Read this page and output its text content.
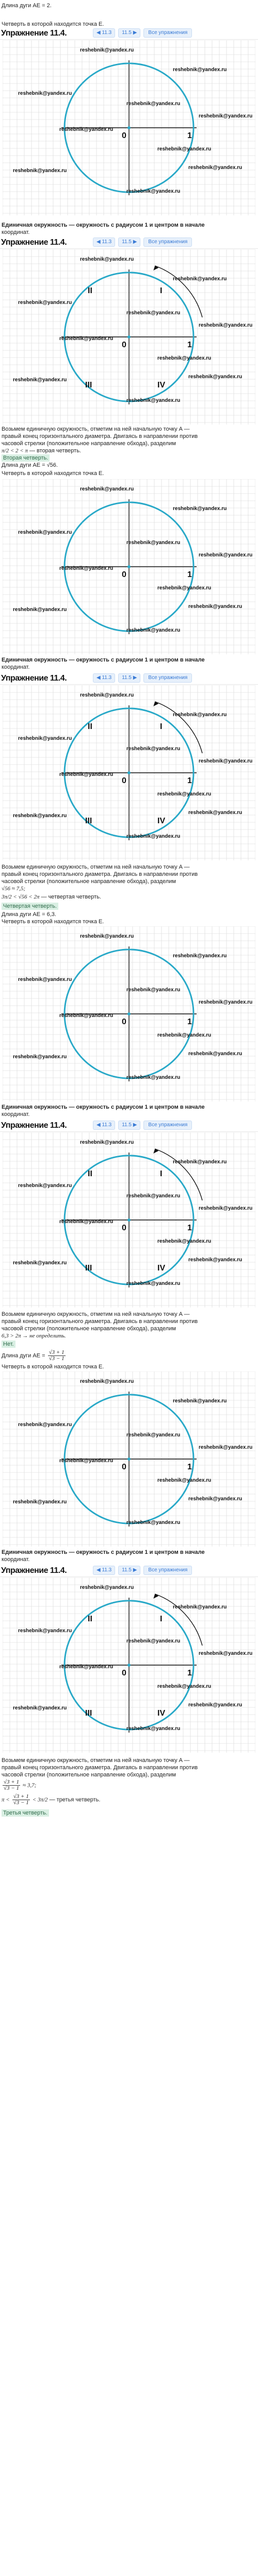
Длина дуги AE = 2.
Четверть в которой находится точка E.
Упражнение 11.4.	◀ 11.3	11.5 ▶	Все упражнения
0	1
reshebnik@yandex.ru
reshebnik@yandex.ru
reshebnik@yandex.ru
reshebnik@yandex.ru
reshebnik@yandex.ru
reshebnik@yandex.ru
reshebnik@yandex.ru
reshebnik@yandex.ru
reshebnik@yandex.ru
reshebnik@yandex.ru
Единичная окружность — окружность с радиусом 1 и центром в начале
координат.
Упражнение 11.4.	◀ 11.3	11.5 ▶	Все упражнения
0	1
I
II
III	IV
reshebnik@yandex.ru
reshebnik@yandex.ru
reshebnik@yandex.ru
reshebnik@yandex.ru
reshebnik@yandex.ru
reshebnik@yandex.ru
reshebnik@yandex.ru
reshebnik@yandex.ru
reshebnik@yandex.ru
reshebnik@yandex.ru
Возьмем единичную окружность, отметим на ней начальную точку A —
правый конец горизонтального диаметра. Двигаясь в направлении против
часовой стрелки (положительное направление обхода), разделим
π/2 < 2 < π — вторая четверть.
Вторая четверть.
Длина дуги AE = √56.
Четверть в которой находится точка E.
0	1
reshebnik@yandex.ru
reshebnik@yandex.ru
reshebnik@yandex.ru
reshebnik@yandex.ru
reshebnik@yandex.ru
reshebnik@yandex.ru
reshebnik@yandex.ru
reshebnik@yandex.ru
reshebnik@yandex.ru
reshebnik@yandex.ru
Единичная окружность — окружность с радиусом 1 и центром в начале
координат.
Упражнение 11.4.	◀ 11.3	11.5 ▶	Все упражнения
0	1
I
II
III	IV
reshebnik@yandex.ru
reshebnik@yandex.ru
reshebnik@yandex.ru
reshebnik@yandex.ru
reshebnik@yandex.ru
reshebnik@yandex.ru
reshebnik@yandex.ru
reshebnik@yandex.ru
reshebnik@yandex.ru
reshebnik@yandex.ru
Возьмем единичную окружность, отметим на ней начальную точку A —
правый конец горизонтального диаметра. Двигаясь в направлении против
часовой стрелки (положительное направление обхода), разделим
√56 ≈ 7,5;
3π/2 < √56 < 2π — четвертая четверть.
Четвертая четверть.
Длина дуги AE = 6,3.
Четверть в которой находится точка E.
0	1
reshebnik@yandex.ru
reshebnik@yandex.ru
reshebnik@yandex.ru
reshebnik@yandex.ru
reshebnik@yandex.ru
reshebnik@yandex.ru
reshebnik@yandex.ru
reshebnik@yandex.ru
reshebnik@yandex.ru
reshebnik@yandex.ru
Единичная окружность — окружность с радиусом 1 и центром в начале
координат.
Упражнение 11.4.	◀ 11.3	11.5 ▶	Все упражнения
0	1
I
II
III	IV
reshebnik@yandex.ru
reshebnik@yandex.ru
reshebnik@yandex.ru
reshebnik@yandex.ru
reshebnik@yandex.ru
reshebnik@yandex.ru
reshebnik@yandex.ru
reshebnik@yandex.ru
reshebnik@yandex.ru
reshebnik@yandex.ru
Возьмем единичную окружность, отметим на ней начальную точку A —
правый конец горизонтального диаметра. Двигаясь в направлении против
часовой стрелки (положительное направление обхода), разделим
6,3 > 2π → не определить.
Нет.
Длина дуги AE = $\frac{√3 + 1}{√3 - 1}$
Четверть в которой находится точка E.
0	1
reshebnik@yandex.ru
reshebnik@yandex.ru
reshebnik@yandex.ru
reshebnik@yandex.ru
reshebnik@yandex.ru
reshebnik@yandex.ru
reshebnik@yandex.ru
reshebnik@yandex.ru
reshebnik@yandex.ru
reshebnik@yandex.ru
Единичная окружность — окружность с радиусом 1 и центром в начале
координат.
Упражнение 11.4.	◀ 11.3	11.5 ▶	Все упражнения
0	1
I
II
III	IV
reshebnik@yandex.ru
reshebnik@yandex.ru
reshebnik@yandex.ru
reshebnik@yandex.ru
reshebnik@yandex.ru
reshebnik@yandex.ru
reshebnik@yandex.ru
reshebnik@yandex.ru
reshebnik@yandex.ru
reshebnik@yandex.ru
Возьмем единичную окружность, отметим на ней начальную точку A —
правый конец горизонтального диаметра. Двигаясь в направлении против
часовой стрелки (положительное направление обхода), разделим
$\frac{√3 + 1}{√3 - 1} \approx 3,7$;
$\pi < \frac{√3 + 1}{√3 - 1} < 3\pi/2$ — третья четверть.
Третья четверть.
